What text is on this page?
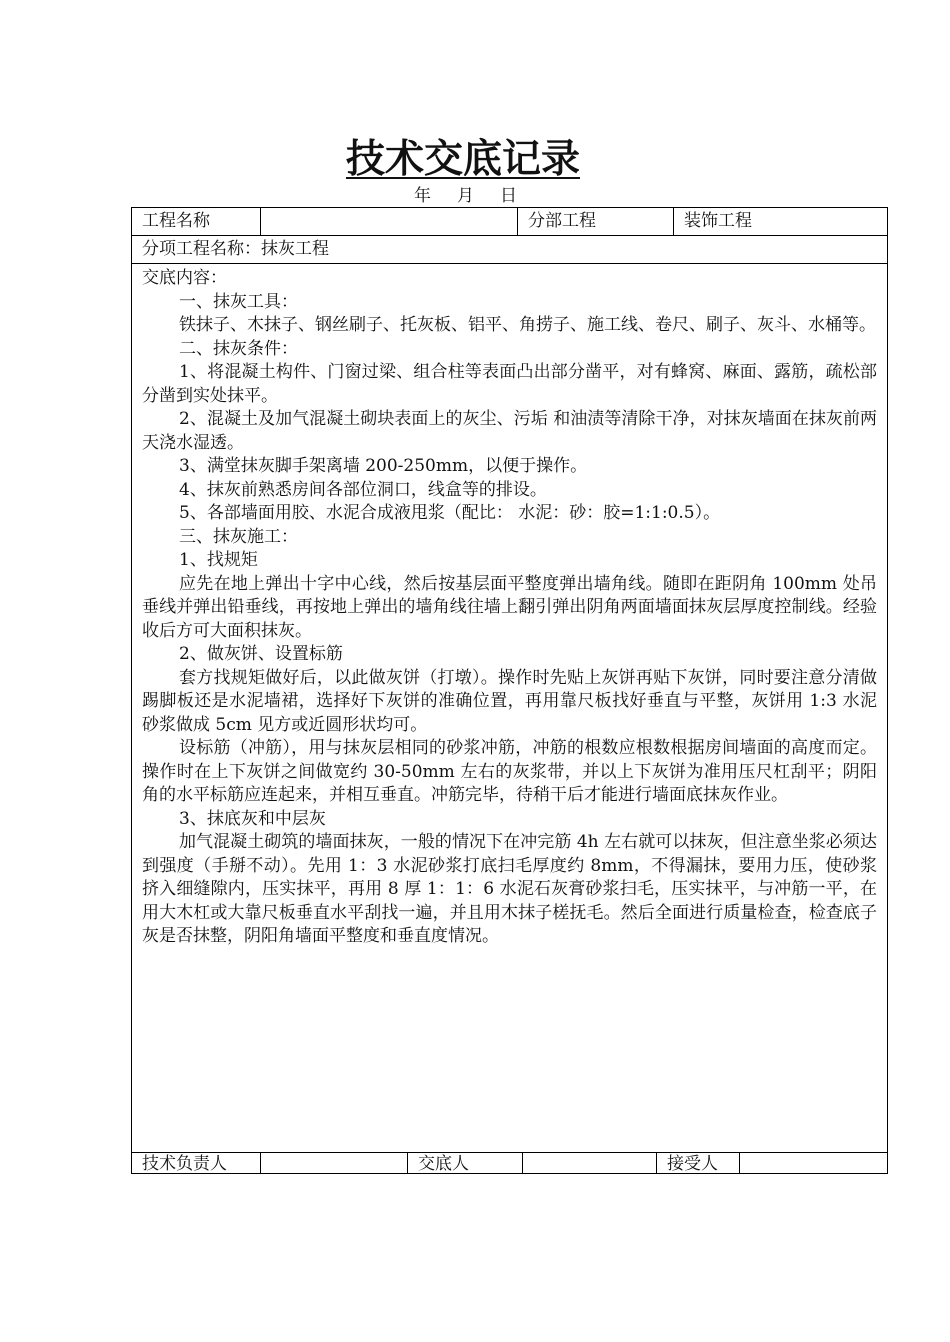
技术交底记录
年 月 日
工程名称	分部工程	装饰工程
分项工程名称：抹灰工程

交底内容：

一、抹灰工具：

铁抹子、木抹子、钢丝刷子、托灰板、铝平、角捞子、施工线、卷尺、刷子、灰斗、水桶等。

二、抹灰条件：

1、将混凝土构件、门窗过梁、组合柱等表面凸出部分凿平，对有蜂窝、麻面、露筋，疏松部分凿到实处抹平。

2、混凝土及加气混凝土砌块表面上的灰尘、污垢 和油渍等清除干净，对抹灰墙面在抹灰前两天浇水湿透。

3、满堂抹灰脚手架离墙 200-250mm，以便于操作。

4、抹灰前熟悉房间各部位洞口，线盒等的排设。

5、各部墙面用胶、水泥合成液甩浆（配比： 水泥：砂：胶=1:1:0.5）。

三、抹灰施工：

1、找规矩

应先在地上弹出十字中心线，然后按基层面平整度弹出墙角线。随即在距阴角 100mm 处吊垂线并弹出铅垂线，再按地上弹出的墙角线往墙上翻引弹出阴角两面墙面抹灰层厚度控制线。经验收后方可大面积抹灰。

2、做灰饼、设置标筋

套方找规矩做好后，以此做灰饼（打墩）。操作时先贴上灰饼再贴下灰饼，同时要注意分清做踢脚板还是水泥墙裙，选择好下灰饼的准确位置，再用靠尺板找好垂直与平整，灰饼用 1:3 水泥砂浆做成 5cm 见方或近圆形状均可。

设标筋（冲筋），用与抹灰层相同的砂浆冲筋，冲筋的根数应根数根据房间墙面的高度而定。操作时在上下灰饼之间做宽约 30-50mm 左右的灰浆带，并以上下灰饼为准用压尺杠刮平；阴阳角的水平标筋应连起来，并相互垂直。冲筋完毕，待稍干后才能进行墙面底抹灰作业。

3、抹底灰和中层灰

加气混凝土砌筑的墙面抹灰，一般的情况下在冲完筋 4h 左右就可以抹灰，但注意坐浆必须达到强度（手掰不动）。先用 1：3 水泥砂浆打底扫毛厚度约 8mm，不得漏抹，要用力压，使砂浆挤入细缝隙内，压实抹平，再用 8 厚 1：1：6 水泥石灰膏砂浆扫毛，压实抹平，与冲筋一平，在用大木杠或大靠尺板垂直水平刮找一遍，并且用木抹子槎抚毛。然后全面进行质量检查，检查底子灰是否抹整，阴阳角墙面平整度和垂直度情况。

技术负责人	交底人	接受人
